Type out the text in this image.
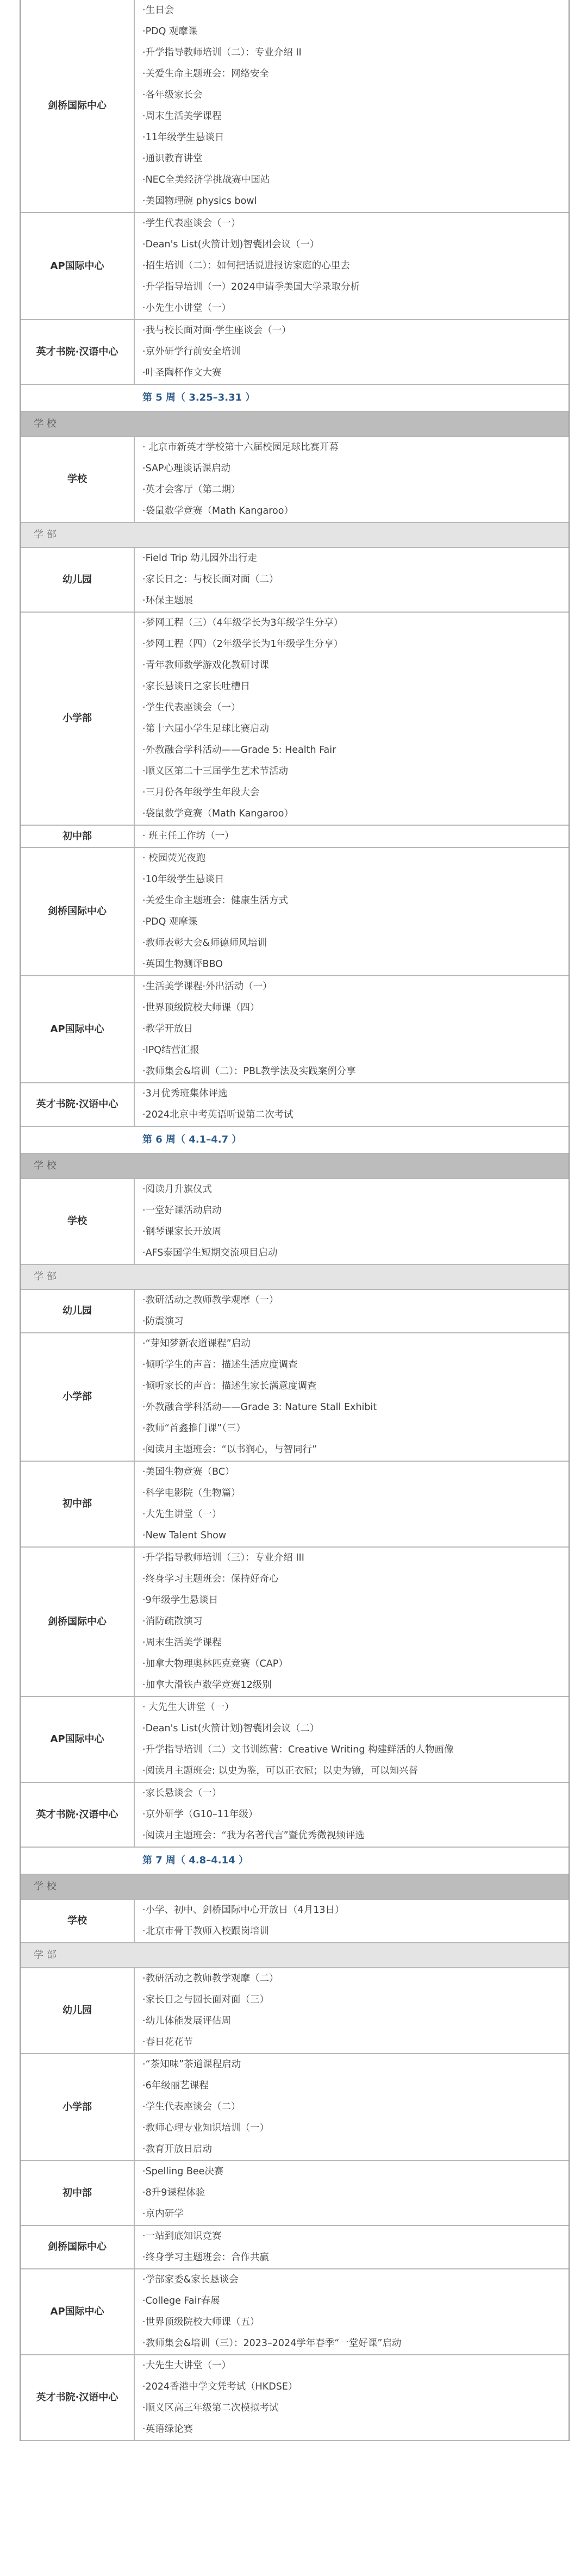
剑桥国际中心
·生日会
·PDQ 观摩课
·升学指导教师培训（二）：专业介绍 II
·关爱生命主题班会：网络安全
·各年级家长会
·周末生活美学课程
·11年级学生悬谈日
·通识教育讲堂
·NEC全美经济学挑战赛中国站
·美国物理碗 physics bowl
AP国际中心
·学生代表座谈会（一）
·Dean's List(火箭计划)智囊团会议（一）
·招生培训（二）：如何把话说进报访家庭的心里去
·升学指导培训（一）2024申请季美国大学录取分析
·小先生小讲堂（一）
英才书院·汉语中心
·我与校长面对面·学生座谈会（一）
·京外研学行前安全培训
·叶圣陶杯作文大赛
第 5 周（ 3.25–3.31 ）
学 校
学校
· 北京市新英才学校第十六届校园足球比赛开幕
·SAP心理谈话课启动
·英才会客厅（第二期）
·袋鼠数学竞赛（Math Kangaroo）
学 部
幼儿园
·Field Trip 幼儿园外出行走
·家长日之：与校长面对面（二）
·环保主题展
小学部
·梦网工程（三）（4年级学长为3年级学生分享）
·梦网工程（四）（2年级学长为1年级学生分享）
·青年教师数学游戏化教研讨课
·家长悬谈日之家长吐槽日
·学生代表座谈会（一）
·第十六届小学生足球比赛启动
·外教融合学科活动——Grade 5: Health Fair
·顺义区第二十三届学生艺术节活动
·三月份各年级学生年段大会
·袋鼠数学竞赛（Math Kangaroo）
初中部	· 班主任工作坊（一）
剑桥国际中心
· 校园荧光夜跑
·10年级学生悬谈日
·关爱生命主题班会：健康生活方式
·PDQ 观摩课
·教师表彰大会&师德师风培训
·英国生物测评BBO
AP国际中心
·生活美学课程·外出活动（一）
·世界顶级院校大师课（四）
·教学开放日
·IPQ结营汇报
·教师集会&培训（二）：PBL教学法及实践案例分享
英才书院·汉语中心
·3月优秀班集体评选
·2024北京中考英语听说第二次考试
第 6 周（ 4.1–4.7 ）
学 校
学校
·阅读月升旗仪式
·一堂好课活动启动
·钢琴课家长开放周
·AFS泰国学生短期交流项目启动
学 部
幼儿园
·教研活动之教师教学观摩（一）
·防震演习
小学部
·“芽知梦新农道课程”启动
·倾听学生的声音：描述生活应度调查
·倾听家长的声音：描述生家长满意度调查
·外教融合学科活动——Grade 3: Nature Stall Exhibit
·教师“首鑫推门课”（三）
·阅读月主题班会：“以书润心，与智同行”
初中部
·美国生物竞赛（BC）
·科学电影院（生物篇）
·大先生讲堂（一）
·New Talent Show
剑桥国际中心
·升学指导教师培训（三）：专业介绍 III
·终身学习主题班会：保持好奇心
·9年级学生悬谈日
·消防疏散演习
·周末生活美学课程
·加拿大物理奥林匹克竞赛（CAP）
·加拿大滑铁卢数学竞赛12级别
AP国际中心
· 大先生大讲堂（一）
·Dean's List(火箭计划)智囊团会议（二）
·升学指导培训（二）文书训练营：Creative Writing 构建鲜活的人物画像
·阅读月主题班会: 以史为鉴，可以正衣冠；以史为镜，可以知兴替
英才书院·汉语中心
·家长悬谈会（一）
·京外研学（G10–11年级）
·阅读月主题班会：“我为名著代言”暨优秀微视频评选
第 7 周（ 4.8–4.14 ）
学 校
学校
·小学、初中、剑桥国际中心开放日（4月13日）
·北京市骨干教师入校跟岗培训
学 部
幼儿园
·教研活动之教师教学观摩（二）
·家长日之与园长面对面（三）
·幼儿体能发展评估周
·春日花花节
小学部
·“茶知味”茶道课程启动
·6年级丽艺课程
·学生代表座谈会（二）
·教师心理专业知识培训（一）
·教育开放日启动
初中部
·Spelling Bee决赛
·8升9课程体验
·京内研学
剑桥国际中心
·一站到底知识竞赛
·终身学习主题班会：合作共赢
AP国际中心
·学部家委&家长恳谈会
·College Fair春展
·世界顶级院校大师课（五）
·教师集会&培训（三）：2023–2024学年春季“一堂好课”启动
英才书院·汉语中心
·大先生大讲堂（一）
·2024香港中学文凭考试（HKDSE）
·顺义区高三年级第二次模拟考试
·英语绿论赛
